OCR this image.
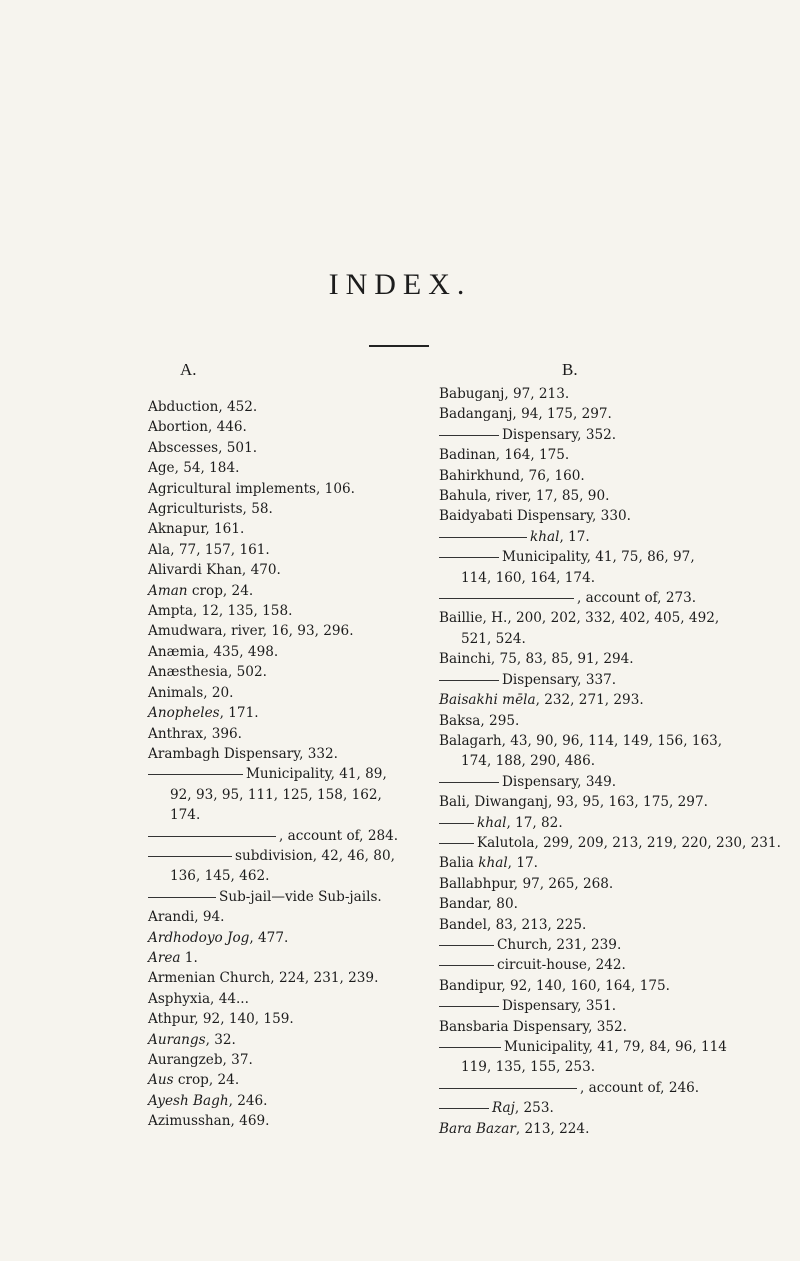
INDEX.
A.
Abduction, 452.
Abortion, 446.
Abscesses, 501.
Age, 54, 184.
Agricultural implements, 106.
Agriculturists, 58.
Aknapur, 161.
Ala, 77, 157, 161.
Alivardi Khan, 470.
Aman crop, 24.
Ampta, 12, 135, 158.
Amudwara, river, 16, 93, 296.
Anæmia, 435, 498.
Anæsthesia, 502.
Animals, 20.
Anopheles, 171.
Anthrax, 396.
Arambagh Dispensary, 332.
Municipality, 41, 89, 92, 93, 95, 111, 125, 158, 162, 174.
, account of, 284.
subdivision, 42, 46, 80, 136, 145, 462.
Sub-jail—vide Sub-jails.
Arandi, 94.
Ardhodoyo Jog, 477.
Area 1.
Armenian Church, 224, 231, 239.
Asphyxia, 44...
Athpur, 92, 140, 159.
Aurangs, 32.
Aurangzeb, 37.
Aus crop, 24.
Ayesh Bagh, 246.
Azimusshan, 469.
B.
Babuganj, 97, 213.
Badanganj, 94, 175, 297.
Dispensary, 352.
Badinan, 164, 175.
Bahirkhund, 76, 160.
Bahula, river, 17, 85, 90.
Baidyabati Dispensary, 330.
khal, 17.
Municipality, 41, 75, 86, 97, 114, 160, 164, 174.
, account of, 273.
Baillie, H., 200, 202, 332, 402, 405, 492, 521, 524.
Bainchi, 75, 83, 85, 91, 294.
Dispensary, 337.
Baisakhi mēla, 232, 271, 293.
Baksa, 295.
Balagarh, 43, 90, 96, 114, 149, 156, 163, 174, 188, 290, 486.
Dispensary, 349.
Bali, Diwanganj, 93, 95, 163, 175, 297.
khal, 17, 82.
Kalutola, 299, 209, 213, 219, 220, 230, 231.
Balia khal, 17.
Ballabhpur, 97, 265, 268.
Bandar, 80.
Bandel, 83, 213, 225.
Church, 231, 239.
circuit-house, 242.
Bandipur, 92, 140, 160, 164, 175.
Dispensary, 351.
Bansbaria Dispensary, 352.
Municipality, 41, 79, 84, 96, 114 119, 135, 155, 253.
, account of, 246.
Raj, 253.
Bara Bazar, 213, 224.
